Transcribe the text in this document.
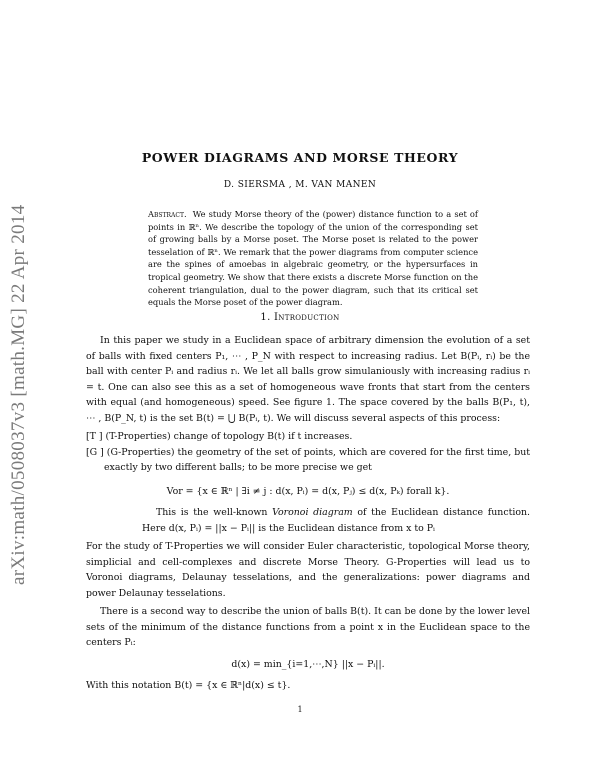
arXiv:math/0508037v3 [math.MG] 22 Apr 2014
POWER DIAGRAMS AND MORSE THEORY
D. SIERSMA , M. VAN MANEN
Abstract. We study Morse theory of the (power) distance function to a set of points in ℝⁿ. We describe the topology of the union of the corresponding set of growing balls by a Morse poset. The Morse poset is related to the power tesselation of ℝⁿ. We remark that the power diagrams from computer science are the spines of amoebas in algebraic geometry, or the hypersurfaces in tropical geometry. We show that there exists a discrete Morse function on the coherent triangulation, dual to the power diagram, such that its critical set equals the Morse poset of the power diagram.
1. Introduction

In this paper we study in a Euclidean space of arbitrary dimension the evolution of a set of balls with fixed centers P₁, ⋯ , P_N with respect to increasing radius. Let B(Pᵢ, rᵢ) be the ball with center Pᵢ and radius rᵢ. We let all balls grow simulaniously with increasing radius rᵢ = t. One can also see this as a set of homogeneous wave fronts that start from the centers with equal (and homogeneous) speed. See figure 1. The space covered by the balls B(P₁, t), ⋯ , B(P_N, t) is the set B(t) = ⋃ B(Pᵢ, t). We will discuss several aspects of this process:

[T ] (T-Properties) change of topology B(t) if t increases.

[G ] (G-Properties) the geometry of the set of points, which are covered for the first time, but exactly by two different balls; to be more precise we get

Vor = {x ∈ ℝⁿ | ∃i ≠ j : d(x, Pᵢ) = d(x, Pⱼ) ≤ d(x, Pₖ) forall k}.

This is the well-known Voronoi diagram of the Euclidean distance function. Here d(x, Pᵢ) = ||x − Pᵢ|| is the Euclidean distance from x to Pᵢ

For the study of T-Properties we will consider Euler characteristic, topological Morse theory, simplicial and cell-complexes and discrete Morse Theory. G-Properties will lead us to Voronoi diagrams, Delaunay tesselations, and the generalizations: power diagrams and power Delaunay tesselations.

There is a second way to describe the union of balls B(t). It can be done by the lower level sets of the minimum of the distance functions from a point x in the Euclidean space to the centers Pᵢ:

d(x) = min_{i=1,⋯,N} ||x − Pᵢ||.

With this notation B(t) = {x ∈ ℝⁿ|d(x) ≤ t}.

1
